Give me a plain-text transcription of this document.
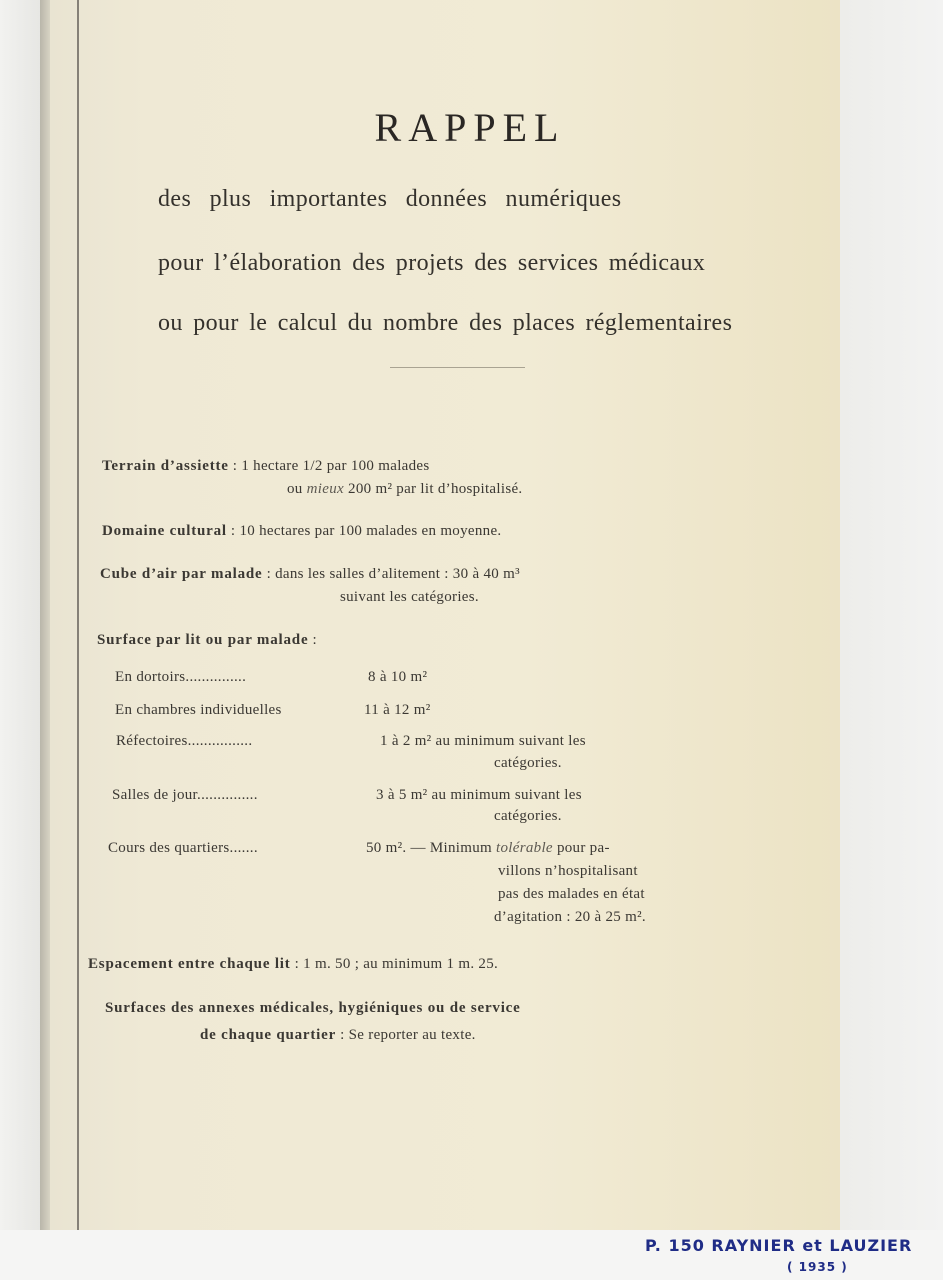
RAPPEL
des plus importantes données numériques
pour l’élaboration des projets des services médicaux
ou pour le calcul du nombre des places réglementaires
Terrain d’assiette : 1 hectare 1/2 par 100 malades
ou mieux 200 m² par lit d’hospitalisé.
Domaine cultural : 10 hectares par 100 malades en moyenne.
Cube d’air par malade : dans les salles d’alitement : 30 à 40 m³
suivant les catégories.
Surface par lit ou par malade :
En dortoirs...............	8 à 10 m²
En chambres individuelles	11 à 12 m²
Réfectoires................	1 à 2 m² au minimum suivant les
catégories.
Salles de jour...............	3 à 5 m² au minimum suivant les
catégories.
Cours des quartiers.......	50 m². — Minimum tolérable pour pa-
villons n’hospitalisant
pas des malades en état
d’agitation : 20 à 25 m².
Espacement entre chaque lit : 1 m. 50 ; au minimum 1 m. 25.
Surfaces des annexes médicales, hygiéniques ou de service
de chaque quartier : Se reporter au texte.
P. 150 RAYNIER et LAUZIER
( 1935 )
